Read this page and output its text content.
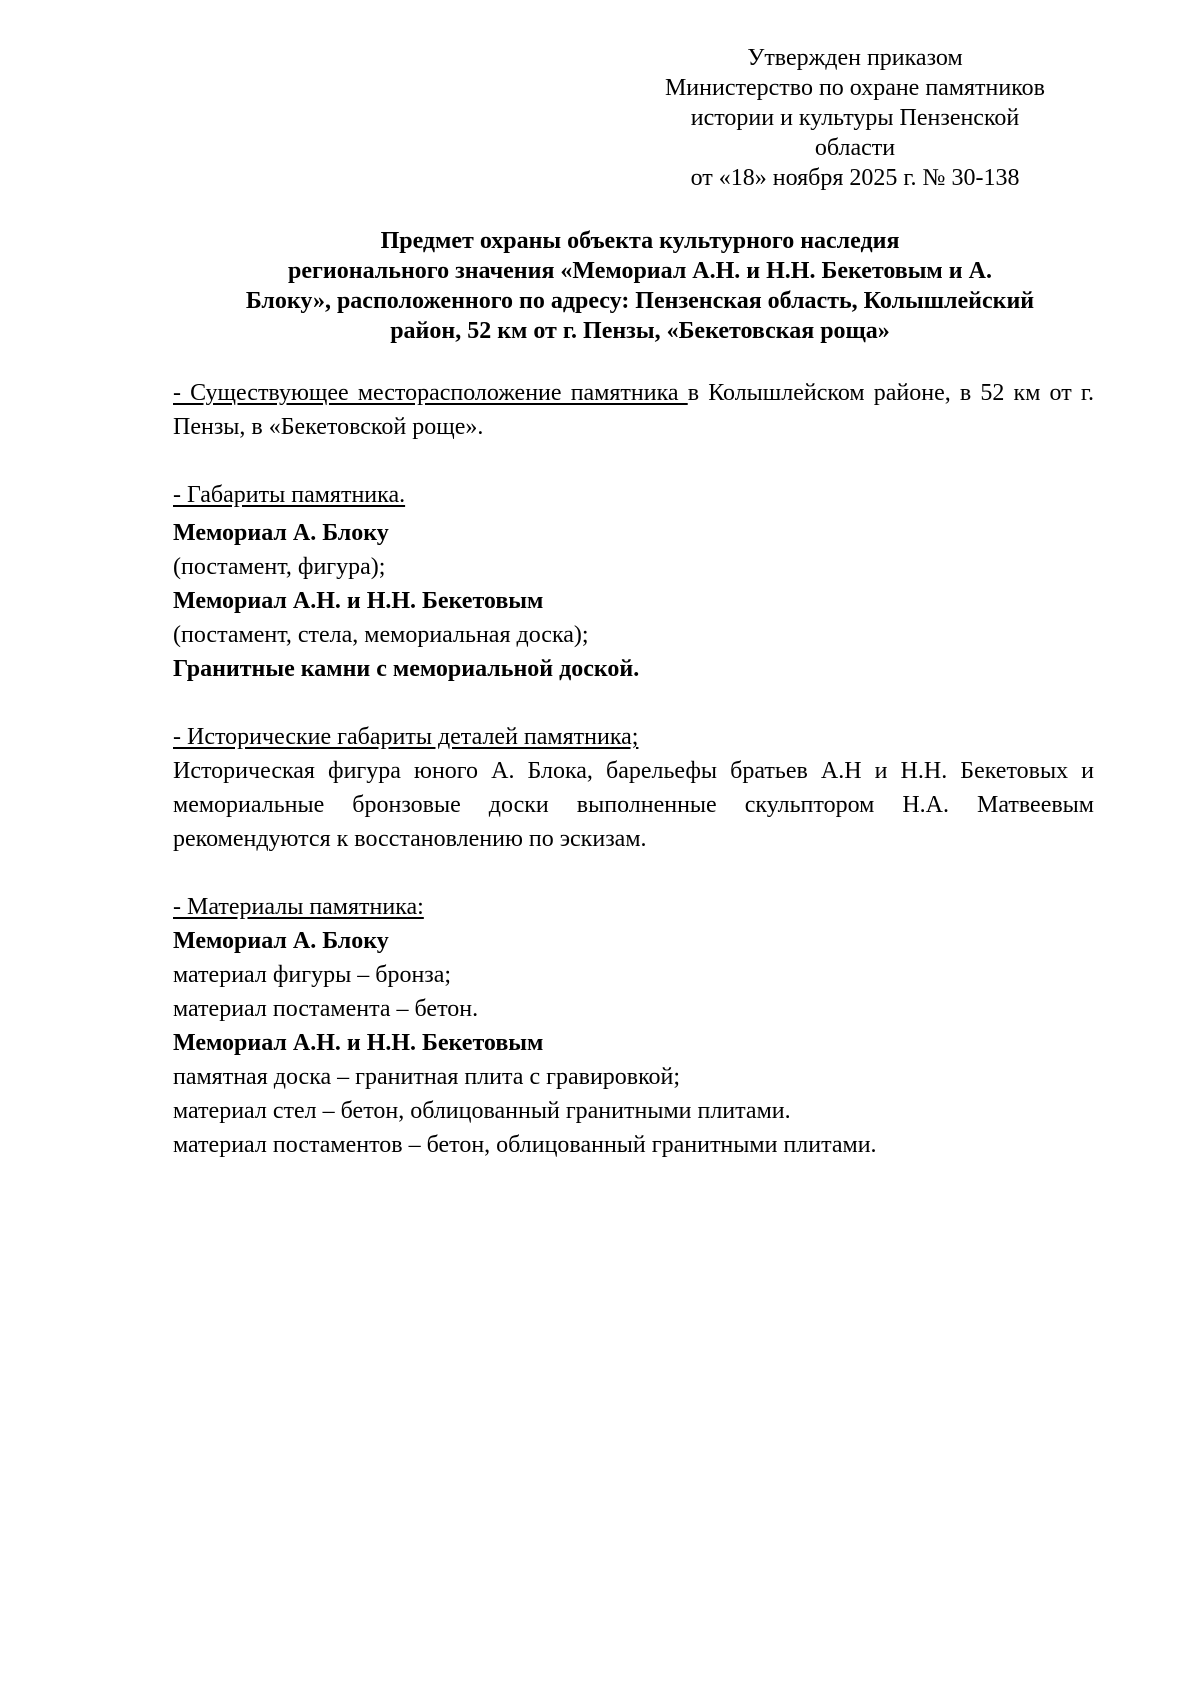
Утвержден приказом
Министерство по охране памятников
истории и культуры Пензенской
области
от «18» ноября 2025 г. № 30-138
Предмет охраны объекта культурного наследия
регионального значения «Мемориал А.Н. и Н.Н. Бекетовым и А.
Блоку», расположенного по адресу: Пензенская область, Колышлейский
район, 52 км от г. Пензы, «Бекетовская роща»
- Существующее месторасположение памятника в Колышлейском районе, в 52 км от г. Пензы, в «Бекетовской роще».
- Габариты памятника.
Мемориал А. Блоку
(постамент, фигура);
Мемориал А.Н. и Н.Н. Бекетовым
(постамент, стела, мемориальная доска);
Гранитные камни с мемориальной доской.
- Исторические габариты деталей памятника;
Историческая фигура юного А. Блока, барельефы братьев А.Н и Н.Н. Бекетовых и мемориальные бронзовые доски выполненные скульптором Н.А. Матвеевым рекомендуются к восстановлению по эскизам.
- Материалы памятника:
Мемориал А. Блоку
материал фигуры – бронза;
материал постамента – бетон.
Мемориал А.Н. и Н.Н. Бекетовым
памятная доска – гранитная плита с гравировкой;
материал стел – бетон, облицованный гранитными плитами.
материал постаментов – бетон, облицованный гранитными плитами.
